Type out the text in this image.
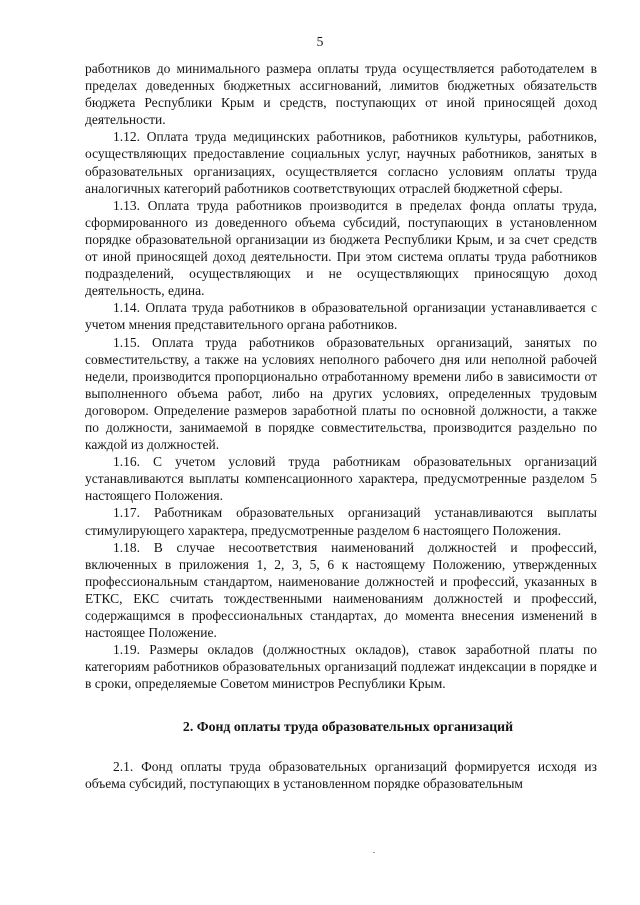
5

работников до минимального размера оплаты труда осуществляется работодателем в пределах доведенных бюджетных ассигнований, лимитов бюджетных обязательств бюджета Республики Крым и средств, поступающих от иной приносящей доход деятельности.

1.12. Оплата труда медицинских работников, работников культуры, работников, осуществляющих предоставление социальных услуг, научных работников, занятых в образовательных организациях, осуществляется согласно условиям оплаты труда аналогичных категорий работников соответствующих отраслей бюджетной сферы.

1.13. Оплата труда работников производится в пределах фонда оплаты труда, сформированного из доведенного объема субсидий, поступающих в установленном порядке образовательной организации из бюджета Республики Крым, и за счет средств от иной приносящей доход деятельности. При этом система оплаты труда работников подразделений, осуществляющих и не осуществляющих приносящую доход деятельность, едина.

1.14. Оплата труда работников в образовательной организации устанавливается с учетом мнения представительного органа работников.

1.15. Оплата труда работников образовательных организаций, занятых по совместительству, а также на условиях неполного рабочего дня или неполной рабочей недели, производится пропорционально отработанному времени либо в зависимости от выполненного объема работ, либо на других условиях, определенных трудовым договором. Определение размеров заработной платы по основной должности, а также по должности, занимаемой в порядке совместительства, производится раздельно по каждой из должностей.

1.16. С учетом условий труда работникам образовательных организаций устанавливаются выплаты компенсационного характера, предусмотренные разделом 5 настоящего Положения.

1.17. Работникам образовательных организаций устанавливаются выплаты стимулирующего характера, предусмотренные разделом 6 настоящего Положения.

1.18. В случае несоответствия наименований должностей и профессий, включенных в приложения 1, 2, 3, 5, 6 к настоящему Положению, утвержденных профессиональным стандартом, наименование должностей и профессий, указанных в ЕТКС, ЕКС считать тождественными наименованиям должностей и профессий, содержащимся в профессиональных стандартах, до момента внесения изменений в настоящее Положение.

1.19. Размеры окладов (должностных окладов), ставок заработной платы по категориям работников образовательных организаций подлежат индексации в порядке и в сроки, определяемые Советом министров Республики Крым.

2. Фонд оплаты труда образовательных организаций

2.1. Фонд оплаты труда образовательных организаций формируется исходя из объема субсидий, поступающих в установленном порядке образовательным
